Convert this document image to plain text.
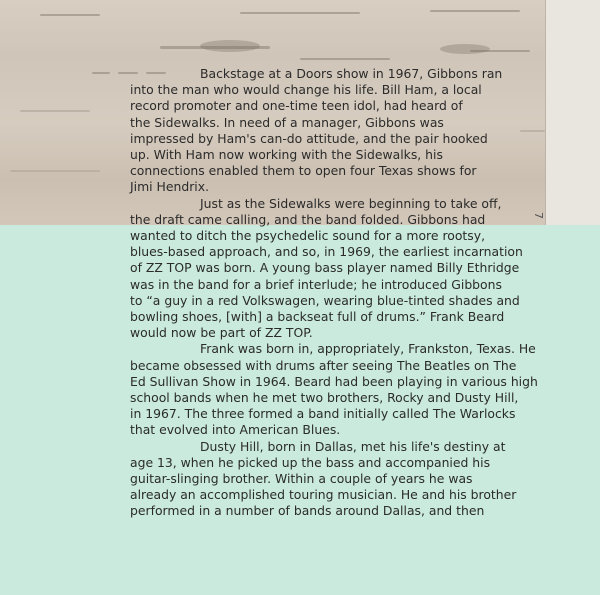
7
Backstage at a Doors show in 1967, Gibbons ran
into the man who would change his life. Bill Ham, a local
record promoter and one-time teen idol, had heard of
the Sidewalks. In need of a manager, Gibbons was
impressed by Ham's can-do attitude, and the pair hooked
up. With Ham now working with the Sidewalks, his
connections enabled them to open four Texas shows for
Jimi Hendrix.
Just as the Sidewalks were beginning to take off,
the draft came calling, and the band folded. Gibbons had
wanted to ditch the psychedelic sound for a more rootsy,
blues-based approach, and so, in 1969, the earliest incarnation
of ZZ TOP was born. A young bass player named Billy Ethridge
was in the band for a brief interlude; he introduced Gibbons
to “a guy in a red Volkswagen, wearing blue-tinted shades and
bowling shoes, [with] a backseat full of drums.” Frank Beard
would now be part of ZZ TOP.
Frank was born in, appropriately, Frankston, Texas. He
became obsessed with drums after seeing The Beatles on The
Ed Sullivan Show in 1964. Beard had been playing in various high
school bands when he met two brothers, Rocky and Dusty Hill,
in 1967. The three formed a band initially called The Warlocks
that evolved into American Blues.
Dusty Hill, born in Dallas, met his life's destiny at
age 13, when he picked up the bass and accompanied his
guitar-slinging brother. Within a couple of years he was
already an accomplished touring musician. He and his brother
performed in a number of bands around Dallas, and then
